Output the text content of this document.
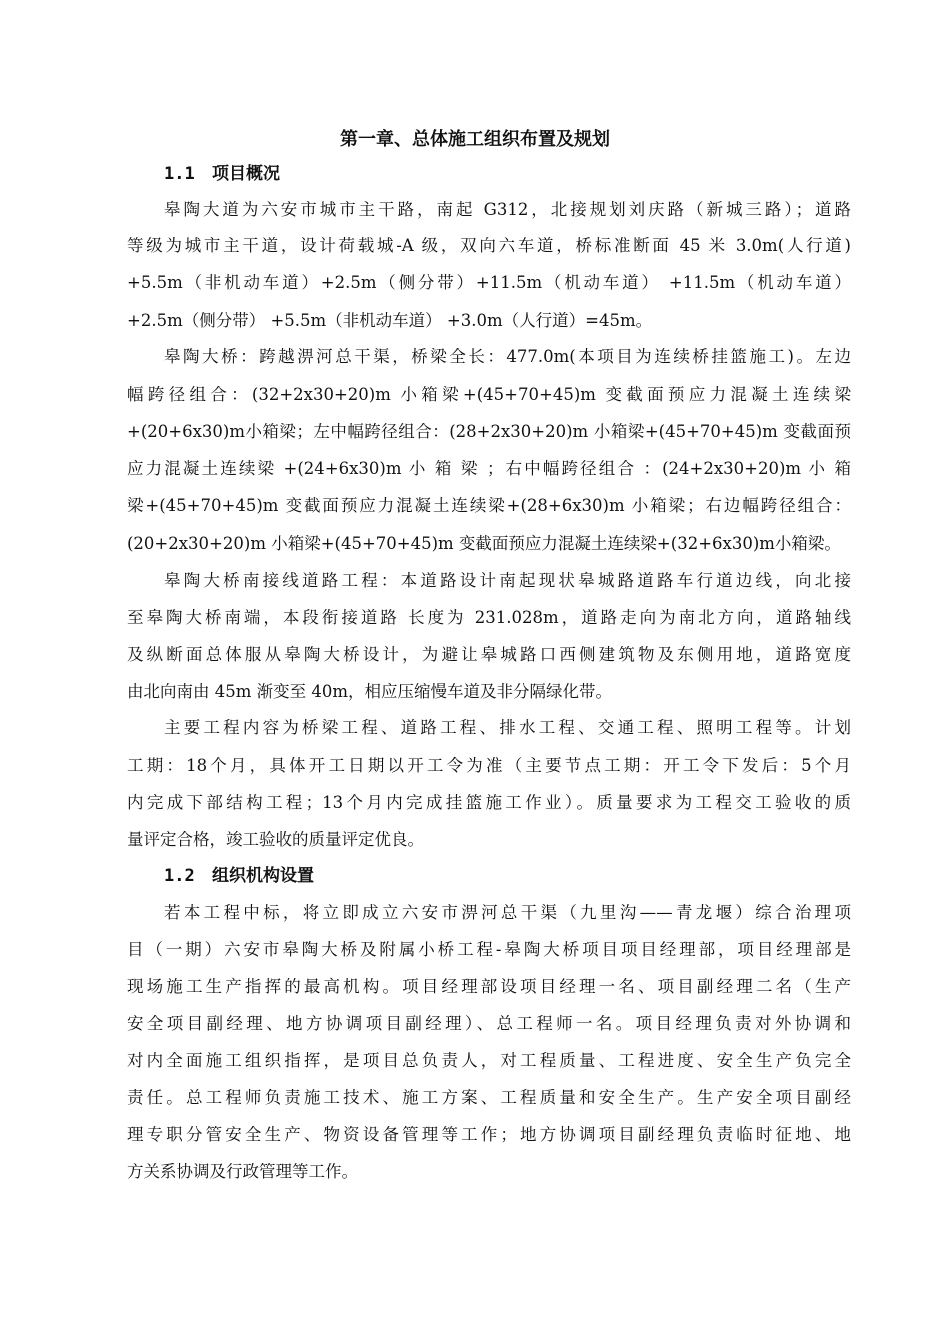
第一章、总体施工组织布置及规划
1.1 项目概况
皋陶大道为六安市城市主干路，南起 G312，北接规划刘庆路（新城三路）；道路
等级为城市主干道，设计荷载城-A 级，双向六车道，桥标准断面 45 米 3.0m(人行道)
+5.5m（非机动车道）+2.5m（侧分带）+11.5m（机动车道） +11.5m（机动车道）
+2.5m（侧分带） +5.5m（非机动车道） +3.0m（人行道）=45m。
皋陶大桥：跨越淠河总干渠，桥梁全长：477.0m(本项目为连续桥挂篮施工)。左边
幅跨径组合：(32+2x30+20)m 小箱梁+(45+70+45)m 变截面预应力混凝土连续梁
+(20+6x30)m小箱梁；左中幅跨径组合：(28+2x30+20)m 小箱梁+(45+70+45)m 变截面预
应力混凝土连续梁 +(24+6x30)m 小 箱 梁 ；右中幅跨径组合 ：(24+2x30+20)m 小 箱
梁+(45+70+45)m 变截面预应力混凝土连续梁+(28+6x30)m 小箱梁；右边幅跨径组合：
(20+2x30+20)m 小箱梁+(45+70+45)m 变截面预应力混凝土连续梁+(32+6x30)m小箱梁。
皋陶大桥南接线道路工程：本道路设计南起现状皋城路道路车行道边线，向北接
至皋陶大桥南端，本段衔接道路 长度为 231.028m，道路走向为南北方向，道路轴线
及纵断面总体服从皋陶大桥设计，为避让皋城路口西侧建筑物及东侧用地，道路宽度
由北向南由 45m 渐变至 40m，相应压缩慢车道及非分隔绿化带。
主要工程内容为桥梁工程、道路工程、排水工程、交通工程、照明工程等。计划
工期：18个月，具体开工日期以开工令为准（主要节点工期：开工令下发后：5个月
内完成下部结构工程；13个月内完成挂篮施工作业）。质量要求为工程交工验收的质
量评定合格，竣工验收的质量评定优良。
1.2 组织机构设置
若本工程中标，将立即成立六安市淠河总干渠（九里沟——青龙堰）综合治理项
目（一期）六安市皋陶大桥及附属小桥工程-皋陶大桥项目项目经理部，项目经理部是
现场施工生产指挥的最高机构。项目经理部设项目经理一名、项目副经理二名（生产
安全项目副经理、地方协调项目副经理）、总工程师一名。项目经理负责对外协调和
对内全面施工组织指挥，是项目总负责人，对工程质量、工程进度、安全生产负完全
责任。总工程师负责施工技术、施工方案、工程质量和安全生产。生产安全项目副经
理专职分管安全生产、物资设备管理等工作；地方协调项目副经理负责临时征地、地
方关系协调及行政管理等工作。
